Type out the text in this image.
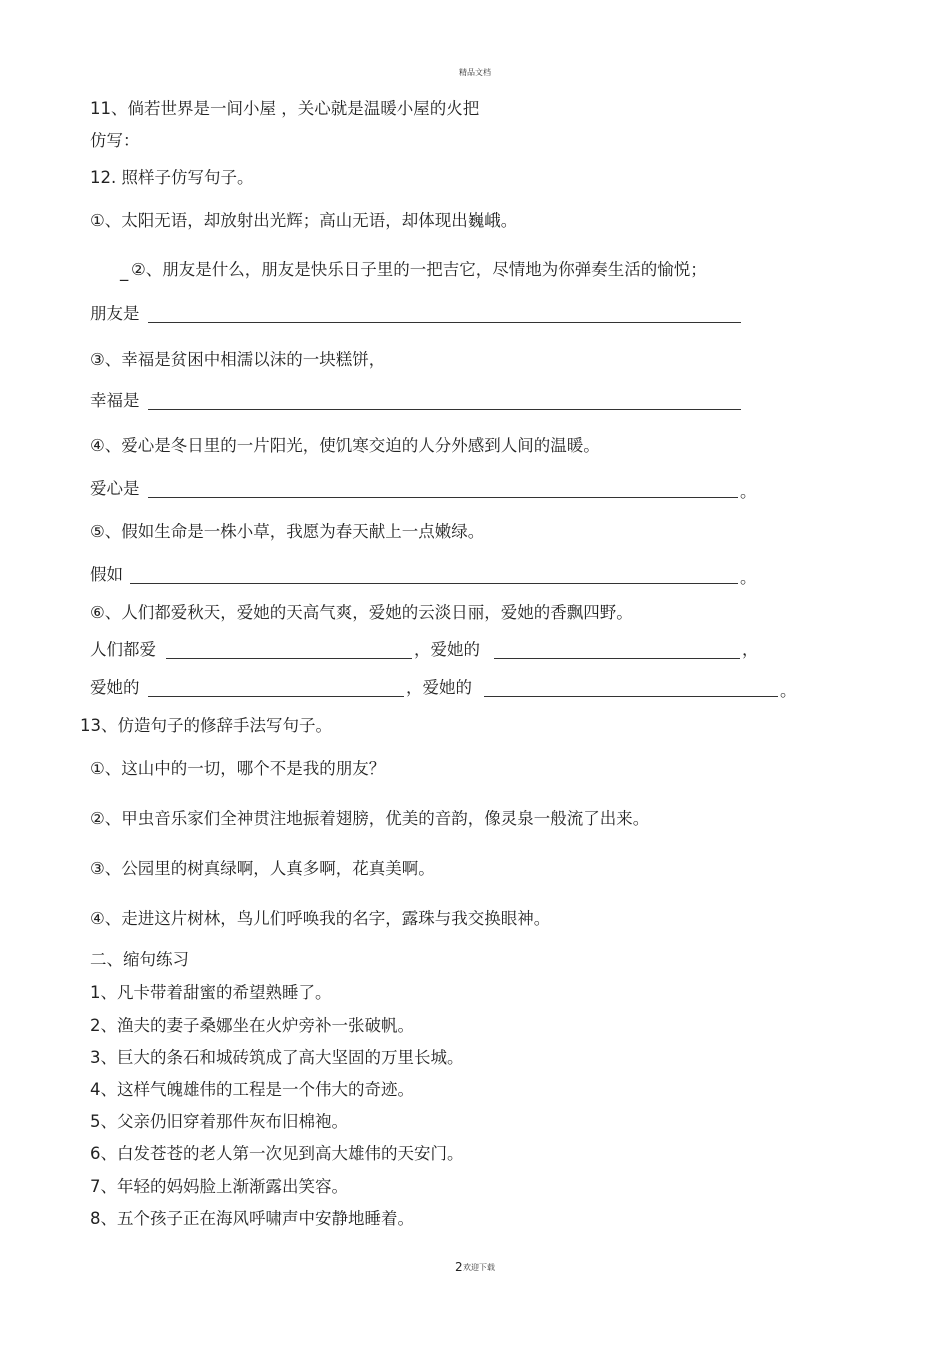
精品文档
11、倘若世界是一间小屋 ，关心就是温暖小屋的火把
仿写：
12. 照样子仿写句子。
①、太阳无语，却放射出光辉；高山无语，却体现出巍峨。
_ ②、朋友是什么，朋友是快乐日子里的一把吉它，尽情地为你弹奏生活的愉悦；
朋友是
③、幸福是贫困中相濡以沫的一块糕饼，
幸福是
④、爱心是冬日里的一片阳光，使饥寒交迫的人分外感到人间的温暖。
爱心是	。
⑤、假如生命是一株小草，我愿为春天献上一点嫩绿。
假如	。
⑥、人们都爱秋天，爱她的天高气爽，爱她的云淡日丽，爱她的香飘四野。
人们都爱	，爱她的	，
爱她的	，爱她的	。
13、仿造句子的修辞手法写句子。
①、这山中的一切，哪个不是我的朋友？
②、甲虫音乐家们全神贯注地振着翅膀，优美的音韵，像灵泉一般流了出来。
③、公园里的树真绿啊，人真多啊，花真美啊。
④、走进这片树林，鸟儿们呼唤我的名字，露珠与我交换眼神。
二、缩句练习
1、凡卡带着甜蜜的希望熟睡了。
2、渔夫的妻子桑娜坐在火炉旁补一张破帆。
3、巨大的条石和城砖筑成了高大坚固的万里长城。
4、这样气魄雄伟的工程是一个伟大的奇迹。
5、父亲仍旧穿着那件灰布旧棉袍。
6、白发苍苍的老人第一次见到高大雄伟的天安门。
7、年轻的妈妈脸上渐渐露出笑容。
8、五个孩子正在海风呼啸声中安静地睡着。
2 欢迎下载
